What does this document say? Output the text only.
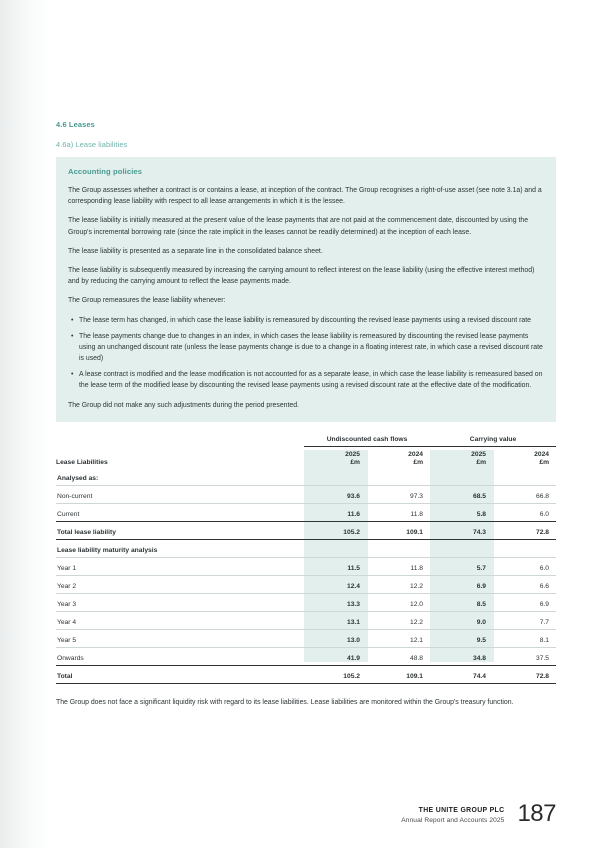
4.6 Leases
4.6a) Lease liabilities
Accounting policies

The Group assesses whether a contract is or contains a lease, at inception of the contract. The Group recognises a right-of-use asset (see note 3.1a) and a corresponding lease liability with respect to all lease arrangements in which it is the lessee.

The lease liability is initially measured at the present value of the lease payments that are not paid at the commencement date, discounted by using the Group's incremental borrowing rate (since the rate implicit in the leases cannot be readily determined) at the inception of each lease.

The lease liability is presented as a separate line in the consolidated balance sheet.

The lease liability is subsequently measured by increasing the carrying amount to reflect interest on the lease liability (using the effective interest method) and by reducing the carrying amount to reflect the lease payments made.

The Group remeasures the lease liability whenever:

• The lease term has changed, in which case the lease liability is remeasured by discounting the revised lease payments using a revised discount rate
• The lease payments change due to changes in an index, in which cases the lease liability is remeasured by discounting the revised lease payments using an unchanged discount rate (unless the lease payments change is due to a change in a floating interest rate, in which case a revised discount rate is used)
• A lease contract is modified and the lease modification is not accounted for as a separate lease, in which case the lease liability is remeasured based on the lease term of the modified lease by discounting the revised lease payments using a revised discount rate at the effective date of the modification.

The Group did not make any such adjustments during the period presented.

	Undiscounted cash flows		Carrying value	
	2025	2024	2025	2024
Lease Liabilities	£m	£m	£m	£m
Analysed as:				
Non-current	93.6	97.3	68.5	66.8
Current	11.6	11.8	5.8	6.0
Total lease liability	105.2	109.1	74.3	72.8
Lease liability maturity analysis				
Year 1	11.5	11.8	5.7	6.0
Year 2	12.4	12.2	6.9	6.6
Year 3	13.3	12.0	8.5	6.9
Year 4	13.1	12.2	9.0	7.7
Year 5	13.0	12.1	9.5	8.1
Onwards	41.9	48.8	34.8	37.5
Total	105.2	109.1	74.4	72.8
The Group does not face a significant liquidity risk with regard to its lease liabilities. Lease liabilities are monitored within the Group's treasury function.
THE UNITE GROUP PLC
Annual Report and Accounts 2025 187
